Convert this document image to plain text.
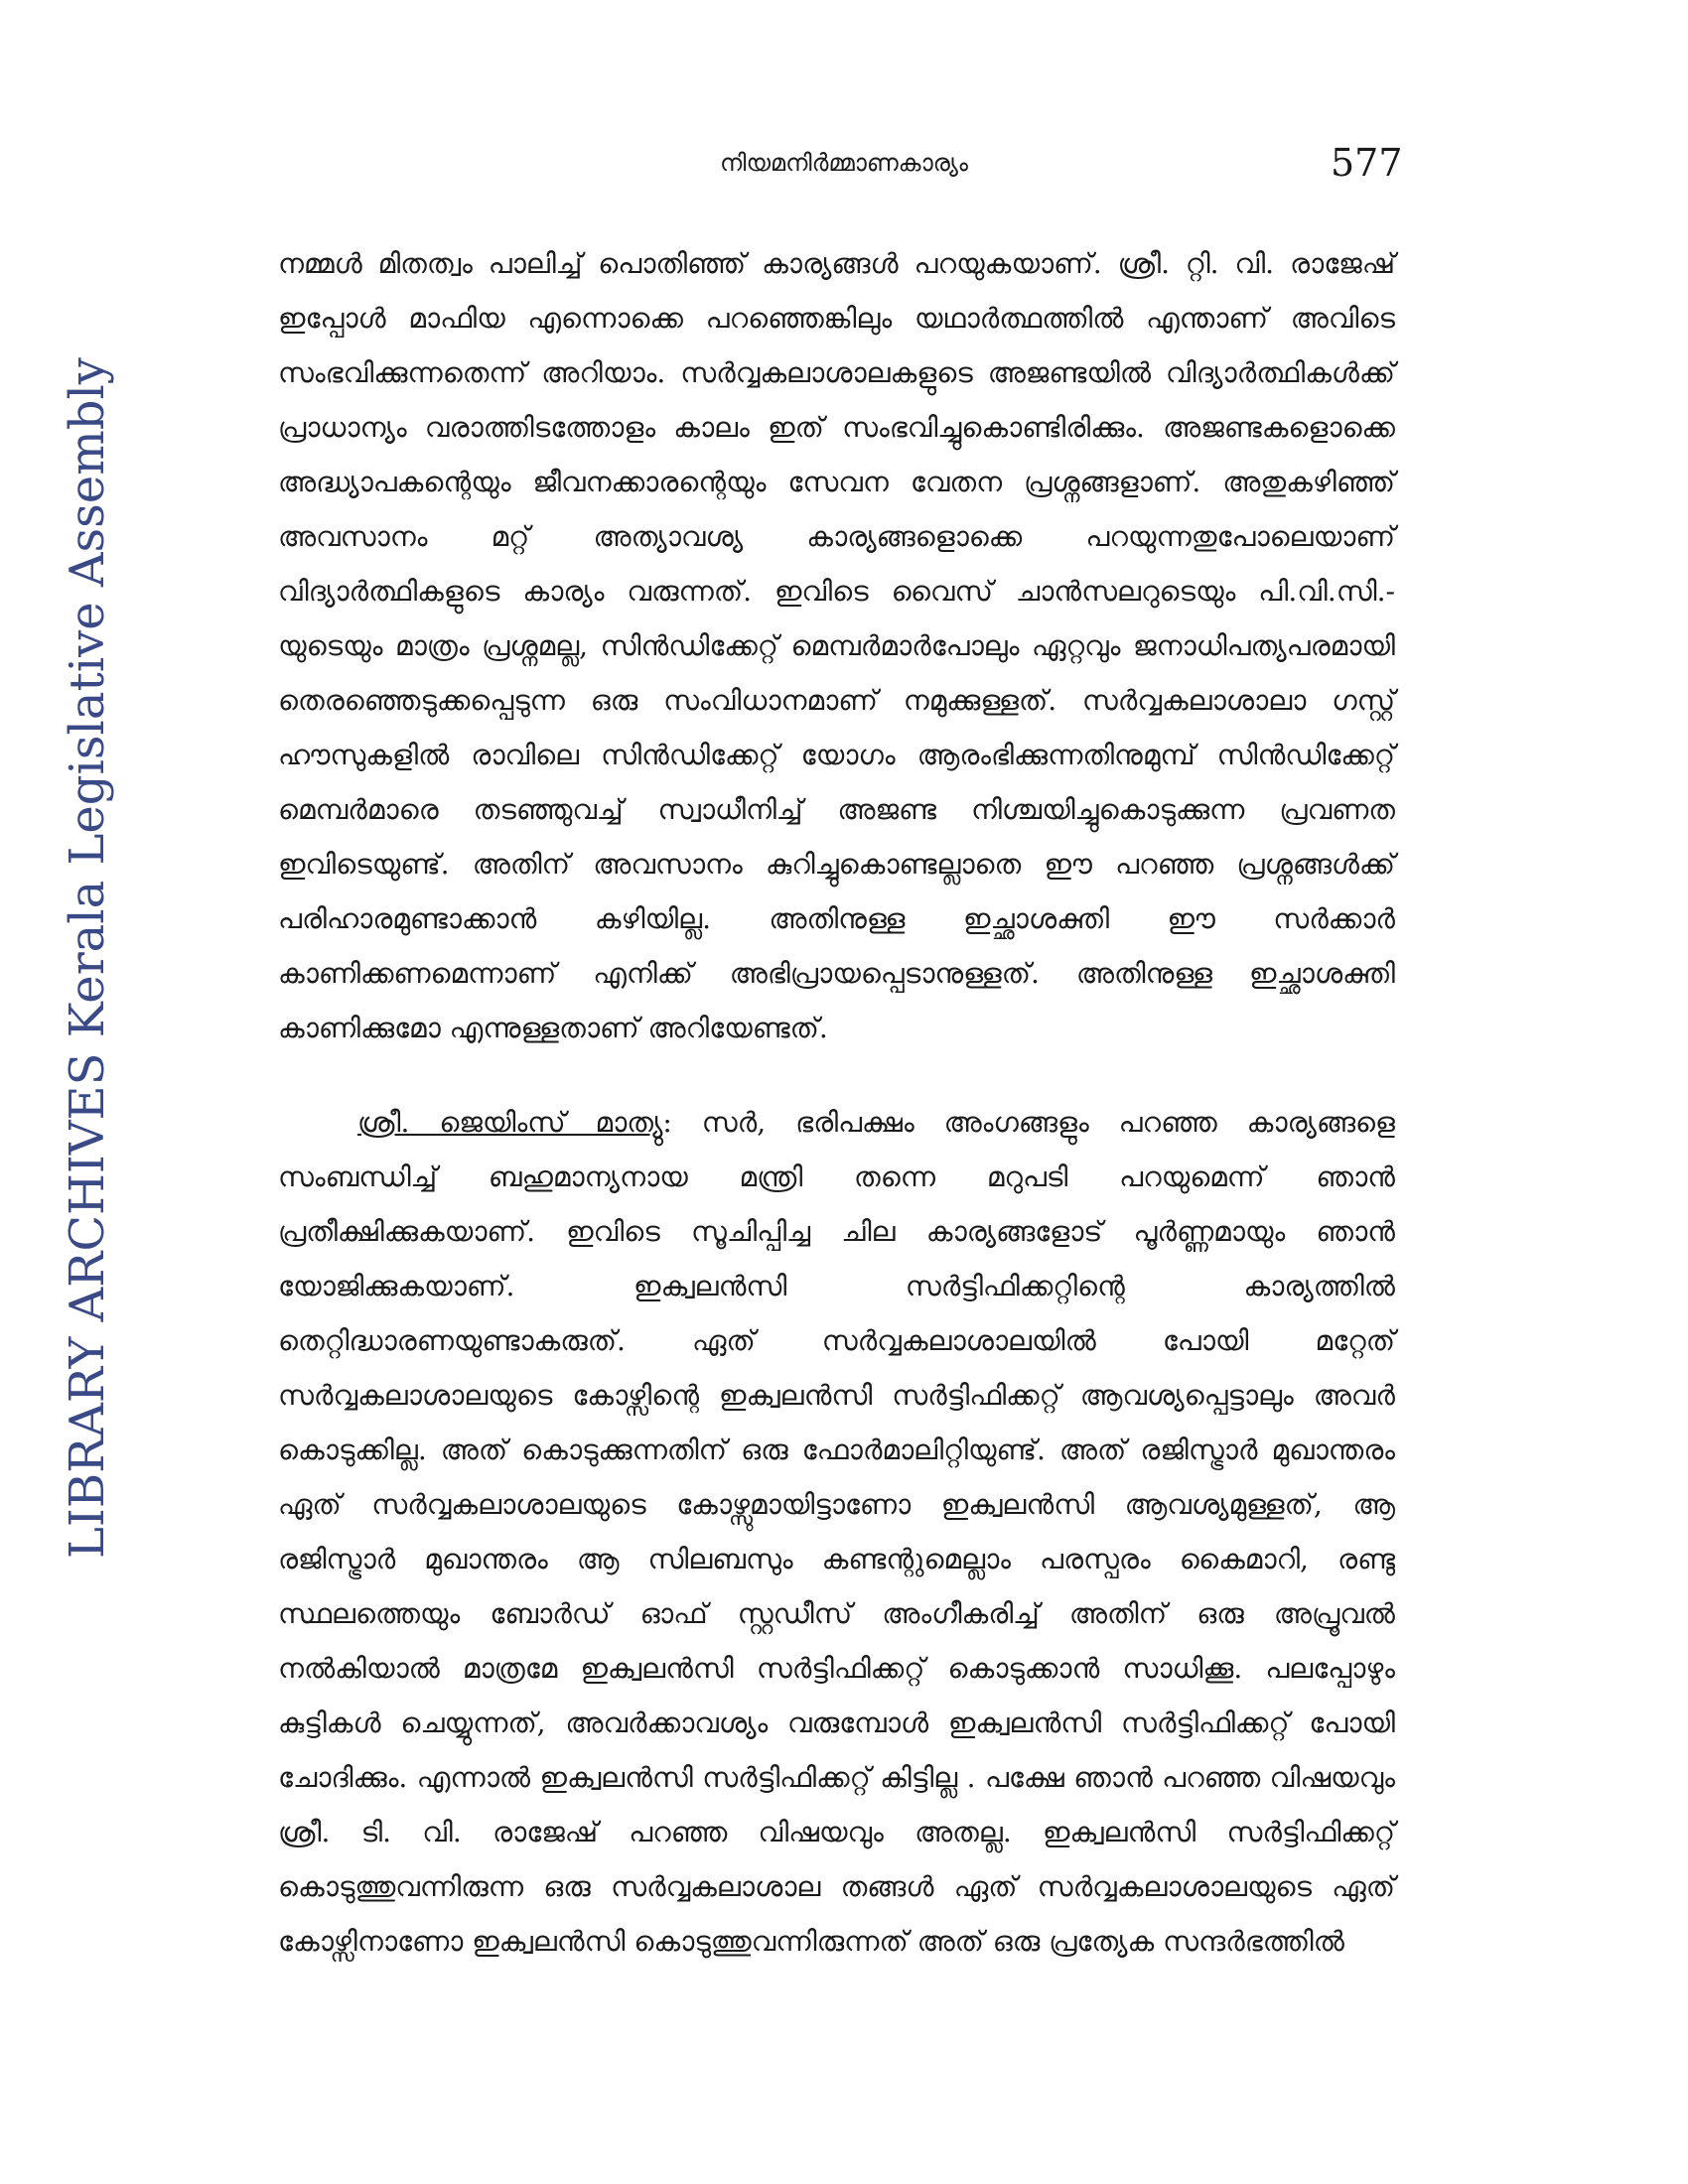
നിയമനിർമ്മാണകാര്യം	577
LIBRARY ARCHIVES Kerala Legislative Assembly

നമ്മൾ മിതത്വം പാലിച്ച് പൊതിഞ്ഞ് കാര്യങ്ങൾ പറയുകയാണ്. ശ്രീ. റ്റി. വി. രാജേഷ് ഇപ്പോൾ മാഫിയ എന്നൊക്കെ പറഞ്ഞെങ്കിലും യഥാർത്ഥത്തിൽ എന്താണ് അവിടെ സംഭവിക്കുന്നതെന്ന് അറിയാം. സർവ്വകലാശാലകളുടെ അജണ്ടയിൽ വിദ്യാർത്ഥികൾക്ക് പ്രാധാന്യം വരാത്തിടത്തോളം കാലം ഇത് സംഭവിച്ചുകൊണ്ടിരിക്കും. അജണ്ടകളൊക്കെ അദ്ധ്യാപകന്റെയും ജീവനക്കാരന്റെയും സേവന വേതന പ്രശ്നങ്ങളാണ്. അതുകഴിഞ്ഞ് അവസാനം മറ്റ് അത്യാവശ്യ കാര്യങ്ങളൊക്കെ പറയുന്നതുപോലെയാണ് വിദ്യാർത്ഥികളുടെ കാര്യം വരുന്നത്. ഇവിടെ വൈസ് ചാൻസലറുടെയും പി.വി.സി.-യുടെയും മാത്രം പ്രശ്നമല്ല, സിൻഡിക്കേറ്റ് മെമ്പർമാർപോലും ഏറ്റവും ജനാധിപത്യപരമായി തെരഞ്ഞെടുക്കപ്പെടുന്ന ഒരു സംവിധാനമാണ് നമുക്കുള്ളത്. സർവ്വകലാശാലാ ഗസ്റ്റ് ഹൗസുകളിൽ രാവിലെ സിൻഡിക്കേറ്റ് യോഗം ആരംഭിക്കുന്നതിനുമുമ്പ് സിൻഡിക്കേറ്റ് മെമ്പർമാരെ തടഞ്ഞുവച്ച് സ്വാധീനിച്ച് അജണ്ട നിശ്ചയിച്ചുകൊടുക്കുന്ന പ്രവണത ഇവിടെയുണ്ട്. അതിന് അവസാനം കുറിച്ചുകൊണ്ടല്ലാതെ ഈ പറഞ്ഞ പ്രശ്നങ്ങൾക്ക് പരിഹാരമുണ്ടാക്കാൻ കഴിയില്ല. അതിനുള്ള ഇച്ഛാശക്തി ഈ സർക്കാർ കാണിക്കണമെന്നാണ് എനിക്ക് അഭിപ്രായപ്പെടാനുള്ളത്. അതിനുള്ള ഇച്ഛാശക്തി കാണിക്കുമോ എന്നുള്ളതാണ് അറിയേണ്ടത്.

ശ്രീ. ജെയിംസ് മാത്യു: സർ, ഭരിപക്ഷം അംഗങ്ങളും പറഞ്ഞ കാര്യങ്ങളെ സംബന്ധിച്ച് ബഹുമാന്യനായ മന്ത്രി തന്നെ മറുപടി പറയുമെന്ന് ഞാൻ പ്രതീക്ഷിക്കുകയാണ്. ഇവിടെ സൂചിപ്പിച്ച ചില കാര്യങ്ങളോട് പൂർണ്ണമായും ഞാൻ യോജിക്കുകയാണ്. ഇക്വലൻസി സർട്ടിഫിക്കറ്റിന്റെ കാര്യത്തിൽ തെറ്റിദ്ധാരണയുണ്ടാകരുത്. ഏത് സർവ്വകലാശാലയിൽ പോയി മറ്റേത് സർവ്വകലാശാലയുടെ കോഴ്സിന്റെ ഇക്വലൻസി സർട്ടിഫിക്കറ്റ് ആവശ്യപ്പെട്ടാലും അവർ കൊടുക്കില്ല. അത് കൊടുക്കുന്നതിന് ഒരു ഫോർമാലിറ്റിയുണ്ട്. അത് രജിസ്ട്രാർ മുഖാന്തരം ഏത് സർവ്വകലാശാലയുടെ കോഴ്സുമായിട്ടാണോ ഇക്വലൻസി ആവശ്യമുള്ളത്, ആ രജിസ്ട്രാർ മുഖാന്തരം ആ സിലബസും കണ്ടന്റുമെല്ലാം പരസ്പരം കൈമാറി, രണ്ടു സ്ഥലത്തെയും ബോർഡ് ഓഫ് സ്റ്റഡീസ് അംഗീകരിച്ച് അതിന് ഒരു അപ്രൂവൽ നൽകിയാൽ മാത്രമേ ഇക്വലൻസി സർട്ടിഫിക്കറ്റ് കൊടുക്കാൻ സാധിക്കൂ. പലപ്പോഴും കുട്ടികൾ ചെയ്യുന്നത്, അവർക്കാവശ്യം വരുമ്പോൾ ഇക്വലൻസി സർട്ടിഫിക്കറ്റ് പോയി ചോദിക്കും. എന്നാൽ ഇക്വലൻസി സർട്ടിഫിക്കറ്റ് കിട്ടില്ല . പക്ഷേ ഞാൻ പറഞ്ഞ വിഷയവും ശ്രീ. ടി. വി. രാജേഷ് പറഞ്ഞ വിഷയവും അതല്ല. ഇക്വലൻസി സർട്ടിഫിക്കറ്റ് കൊടുത്തുവന്നിരുന്ന ഒരു സർവ്വകലാശാല തങ്ങൾ ഏത് സർവ്വകലാശാലയുടെ ഏത് കോഴ്സിനാണോ ഇക്വലൻസി കൊടുത്തുവന്നിരുന്നത് അത് ഒരു പ്രത്യേക സന്ദർഭത്തിൽ
